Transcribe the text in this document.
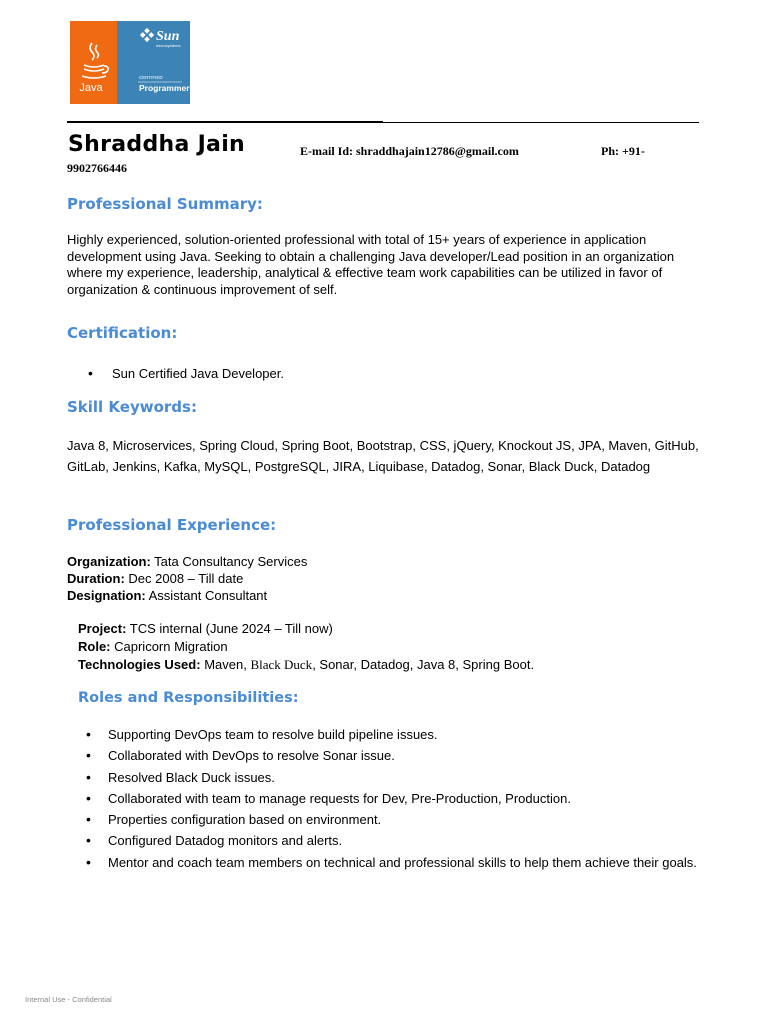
Java
Sun
microsystems
CERTIFIED
Programmer
Shraddha Jain	E-mail Id: shraddhajain12786@gmail.com	Ph: +91-
9902766446
Professional Summary:

Highly experienced, solution-oriented professional with total of 15+ years of experience in application development using Java. Seeking to obtain a challenging Java developer/Lead position in an organization where my experience, leadership, analytical & effective team work capabilities can be utilized in favor of organization & continuous improvement of self.

Certification:
• Sun Certified Java Developer.
Skill Keywords:

Java 8, Microservices, Spring Cloud, Spring Boot, Bootstrap, CSS, jQuery, Knockout JS, JPA, Maven, GitHub, GitLab, Jenkins, Kafka, MySQL, PostgreSQL, JIRA, Liquibase, Datadog, Sonar, Black Duck, Datadog

Professional Experience:

Organization: Tata Consultancy Services

Duration: Dec 2008 – Till date

Designation: Assistant Consultant

Project: TCS internal (June 2024 – Till now)

Role: Capricorn Migration

Technologies Used: Maven, Black Duck, Sonar, Datadog, Java 8, Spring Boot.

Roles and Responsibilities:
• Supporting DevOps team to resolve build pipeline issues.
• Collaborated with DevOps to resolve Sonar issue.
• Resolved Black Duck issues.
• Collaborated with team to manage requests for Dev, Pre-Production, Production.
• Properties configuration based on environment.
• Configured Datadog monitors and alerts.
• Mentor and coach team members on technical and professional skills to help them achieve their goals.
Internal Use - Confidential
